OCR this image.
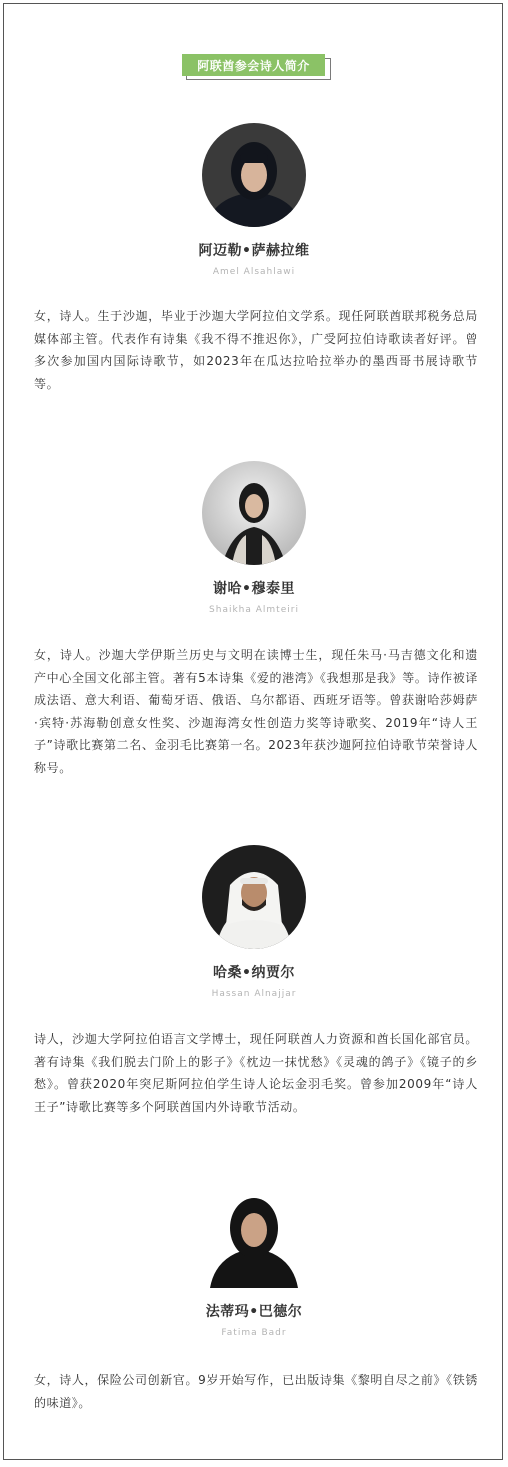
阿联酋参会诗人简介
阿迈勒•萨赫拉维
Amel Alsahlawi
女，诗人。生于沙迦，毕业于沙迦大学阿拉伯文学系。现任阿联酋联邦税务总局媒体部主管。代表作有诗集《我不得不推迟你》，广受阿拉伯诗歌读者好评。曾多次参加国内国际诗歌节，如2023年在瓜达拉哈拉举办的墨西哥书展诗歌节等。
谢哈•穆泰里
Shaikha Almteiri
女，诗人。沙迦大学伊斯兰历史与文明在读博士生，现任朱马·马吉德文化和遗产中心全国文化部主管。著有5本诗集《爱的港湾》《我想那是我》等。诗作被译成法语、意大利语、葡萄牙语、俄语、乌尔都语、西班牙语等。曾获谢哈莎姆萨·宾特·苏海勒创意女性奖、沙迦海湾女性创造力奖等诗歌奖、2019年“诗人王子”诗歌比赛第二名、金羽毛比赛第一名。2023年获沙迦阿拉伯诗歌节荣誉诗人称号。
哈桑•纳贾尔
Hassan Alnajjar
诗人，沙迦大学阿拉伯语言文学博士，现任阿联酋人力资源和酋长国化部官员。著有诗集《我们脱去门阶上的影子》《枕边一抹忧愁》《灵魂的鸽子》《镜子的乡愁》。曾获2020年突尼斯阿拉伯学生诗人论坛金羽毛奖。曾参加2009年“诗人王子”诗歌比赛等多个阿联酋国内外诗歌节活动。
法蒂玛•巴德尔
Fatima Badr
女，诗人，保险公司创新官。9岁开始写作，已出版诗集《黎明自尽之前》《铁锈的味道》。
